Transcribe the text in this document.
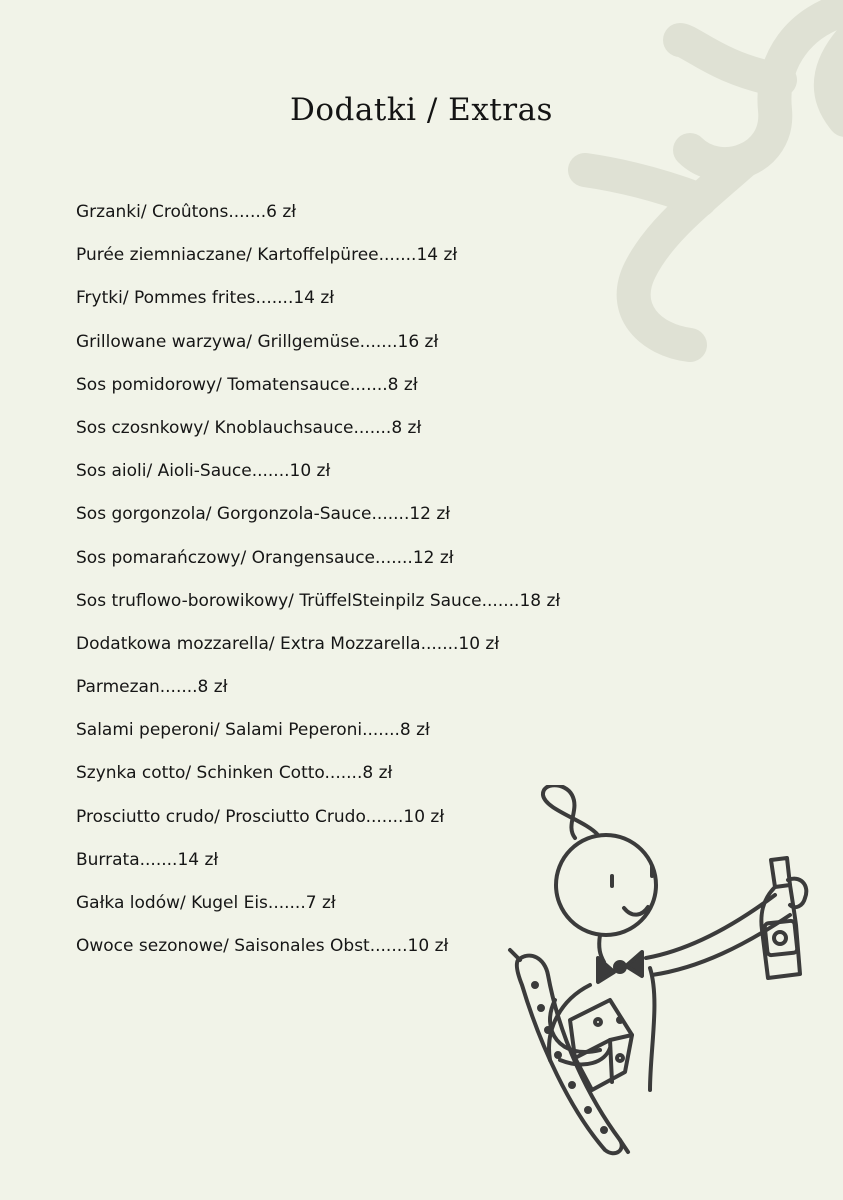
Dodatki / Extras
Grzanki/ Croûtons.......6 zł
Purée ziemniaczane/ Kartoffelpüree.......14 zł
Frytki/ Pommes frites.......14 zł
Grillowane warzywa/ Grillgemüse.......16 zł
Sos pomidorowy/ Tomatensauce.......8 zł
Sos czosnkowy/ Knoblauchsauce.......8 zł
Sos aioli/ Aioli-Sauce.......10 zł
Sos gorgonzola/ Gorgonzola-Sauce.......12 zł
Sos pomarańczowy/ Orangensauce.......12 zł
Sos truflowo-borowikowy/ TrüffelSteinpilz Sauce.......18 zł
Dodatkowa mozzarella/ Extra Mozzarella.......10 zł
Parmezan.......8 zł
Salami peperoni/ Salami Peperoni.......8 zł
Szynka cotto/ Schinken Cotto.......8 zł
Prosciutto crudo/ Prosciutto Crudo.......10 zł
Burrata.......14 zł
Gałka lodów/ Kugel Eis.......7 zł
Owoce sezonowe/ Saisonales Obst.......10 zł
